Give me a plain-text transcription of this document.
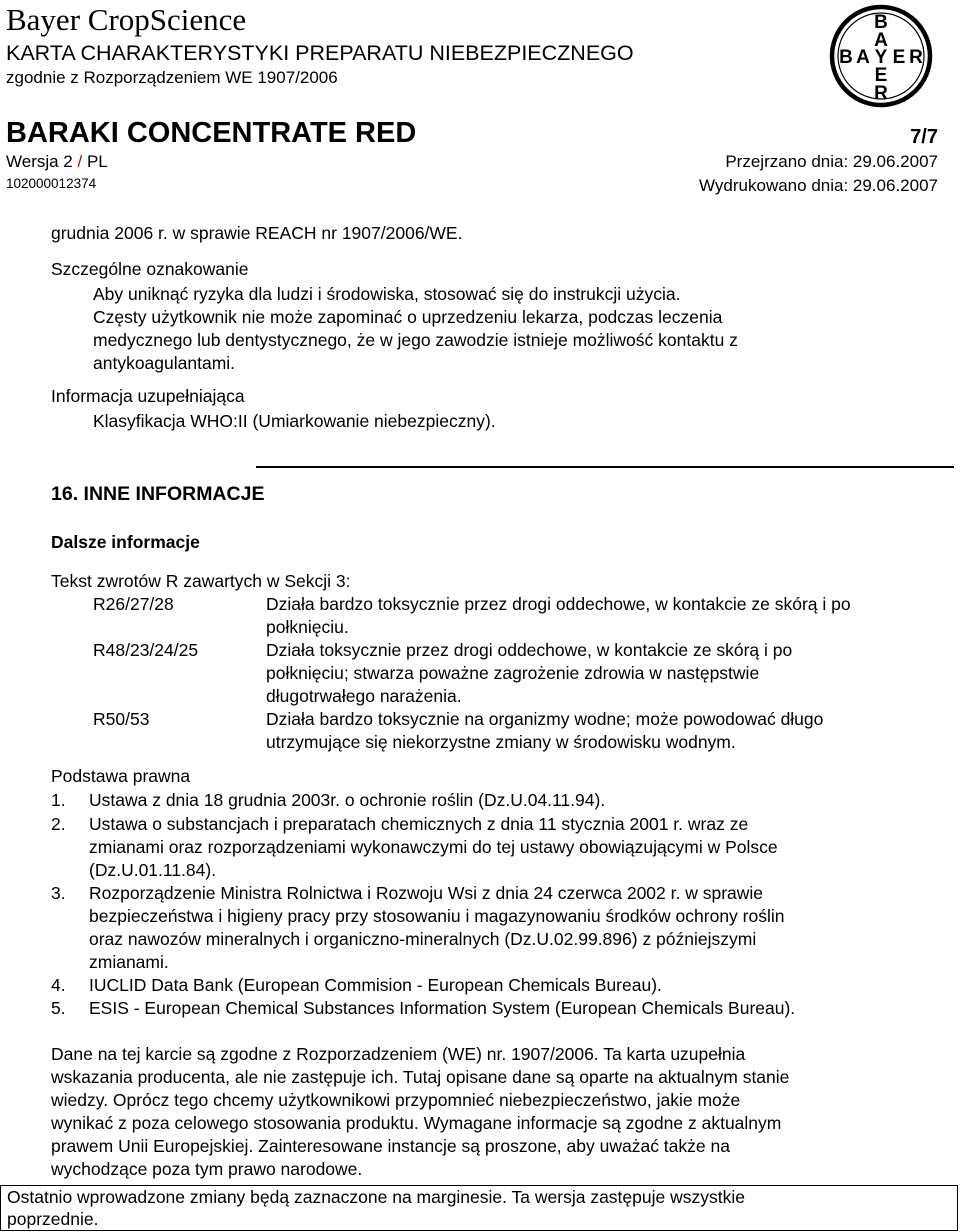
Bayer CropScience
KARTA CHARAKTERYSTYKI PREPARATU NIEBEZPIECZNEGO
zgodnie z Rozporządzeniem WE 1907/2006
B
A
E
R
B A Y E R
BARAKI CONCENTRATE RED	7/7
Wersja 2 / PL
102000012374
Przejrzano dnia: 29.06.2007
Wydrukowano dnia: 29.06.2007
grudnia 2006 r. w sprawie REACH nr 1907/2006/WE.
Szczególne oznakowanie
Aby uniknąć ryzyka dla ludzi i środowiska, stosować się do instrukcji użycia.
Częsty użytkownik nie może zapominać o uprzedzeniu lekarza, podczas leczenia
medycznego lub dentystycznego, że w jego zawodzie istnieje możliwość kontaktu z
antykoagulantami.
Informacja uzupełniająca
Klasyfikacja WHO:II (Umiarkowanie niebezpieczny).
16. INNE INFORMACJE
Dalsze informacje
Tekst zwrotów R zawartych w Sekcji 3:
R26/27/28	Działa bardzo toksycznie przez drogi oddechowe, w kontakcie ze skórą i po
połknięciu.
R48/23/24/25	Działa toksycznie przez drogi oddechowe, w kontakcie ze skórą i po
połknięciu; stwarza poważne zagrożenie zdrowia w następstwie
długotrwałego narażenia.
R50/53	Działa bardzo toksycznie na organizmy wodne; może powodować długo
utrzymujące się niekorzystne zmiany w środowisku wodnym.
Podstawa prawna
1. Ustawa z dnia 18 grudnia 2003r. o ochronie roślin (Dz.U.04.11.94).
2. Ustawa o substancjach i preparatach chemicznych z dnia 11 stycznia 2001 r. wraz ze
zmianami oraz rozporządzeniami wykonawczymi do tej ustawy obowiązującymi w Polsce
(Dz.U.01.11.84).
3. Rozporządzenie Ministra Rolnictwa i Rozwoju Wsi z dnia 24 czerwca 2002 r. w sprawie
bezpieczeństwa i higieny pracy przy stosowaniu i magazynowaniu środków ochrony roślin
oraz nawozów mineralnych i organiczno-mineralnych (Dz.U.02.99.896) z późniejszymi
zmianami.
4. IUCLID Data Bank (European Commision - European Chemicals Bureau).
5. ESIS - European Chemical Substances Information System (European Chemicals Bureau).
Dane na tej karcie są zgodne z Rozporzadzeniem (WE) nr. 1907/2006. Ta karta uzupełnia
wskazania producenta, ale nie zastępuje ich. Tutaj opisane dane są oparte na aktualnym stanie
wiedzy. Oprócz tego chcemy użytkownikowi przypomnieć niebezpieczeństwo, jakie może
wynikać z poza celowego stosowania produktu. Wymagane informacje są zgodne z aktualnym
prawem Unii Europejskiej. Zainteresowane instancje są proszone, aby uważać także na
wychodzące poza tym prawo narodowe.
Ostatnio wprowadzone zmiany będą zaznaczone na marginesie. Ta wersja zastępuje wszystkie
poprzednie.
